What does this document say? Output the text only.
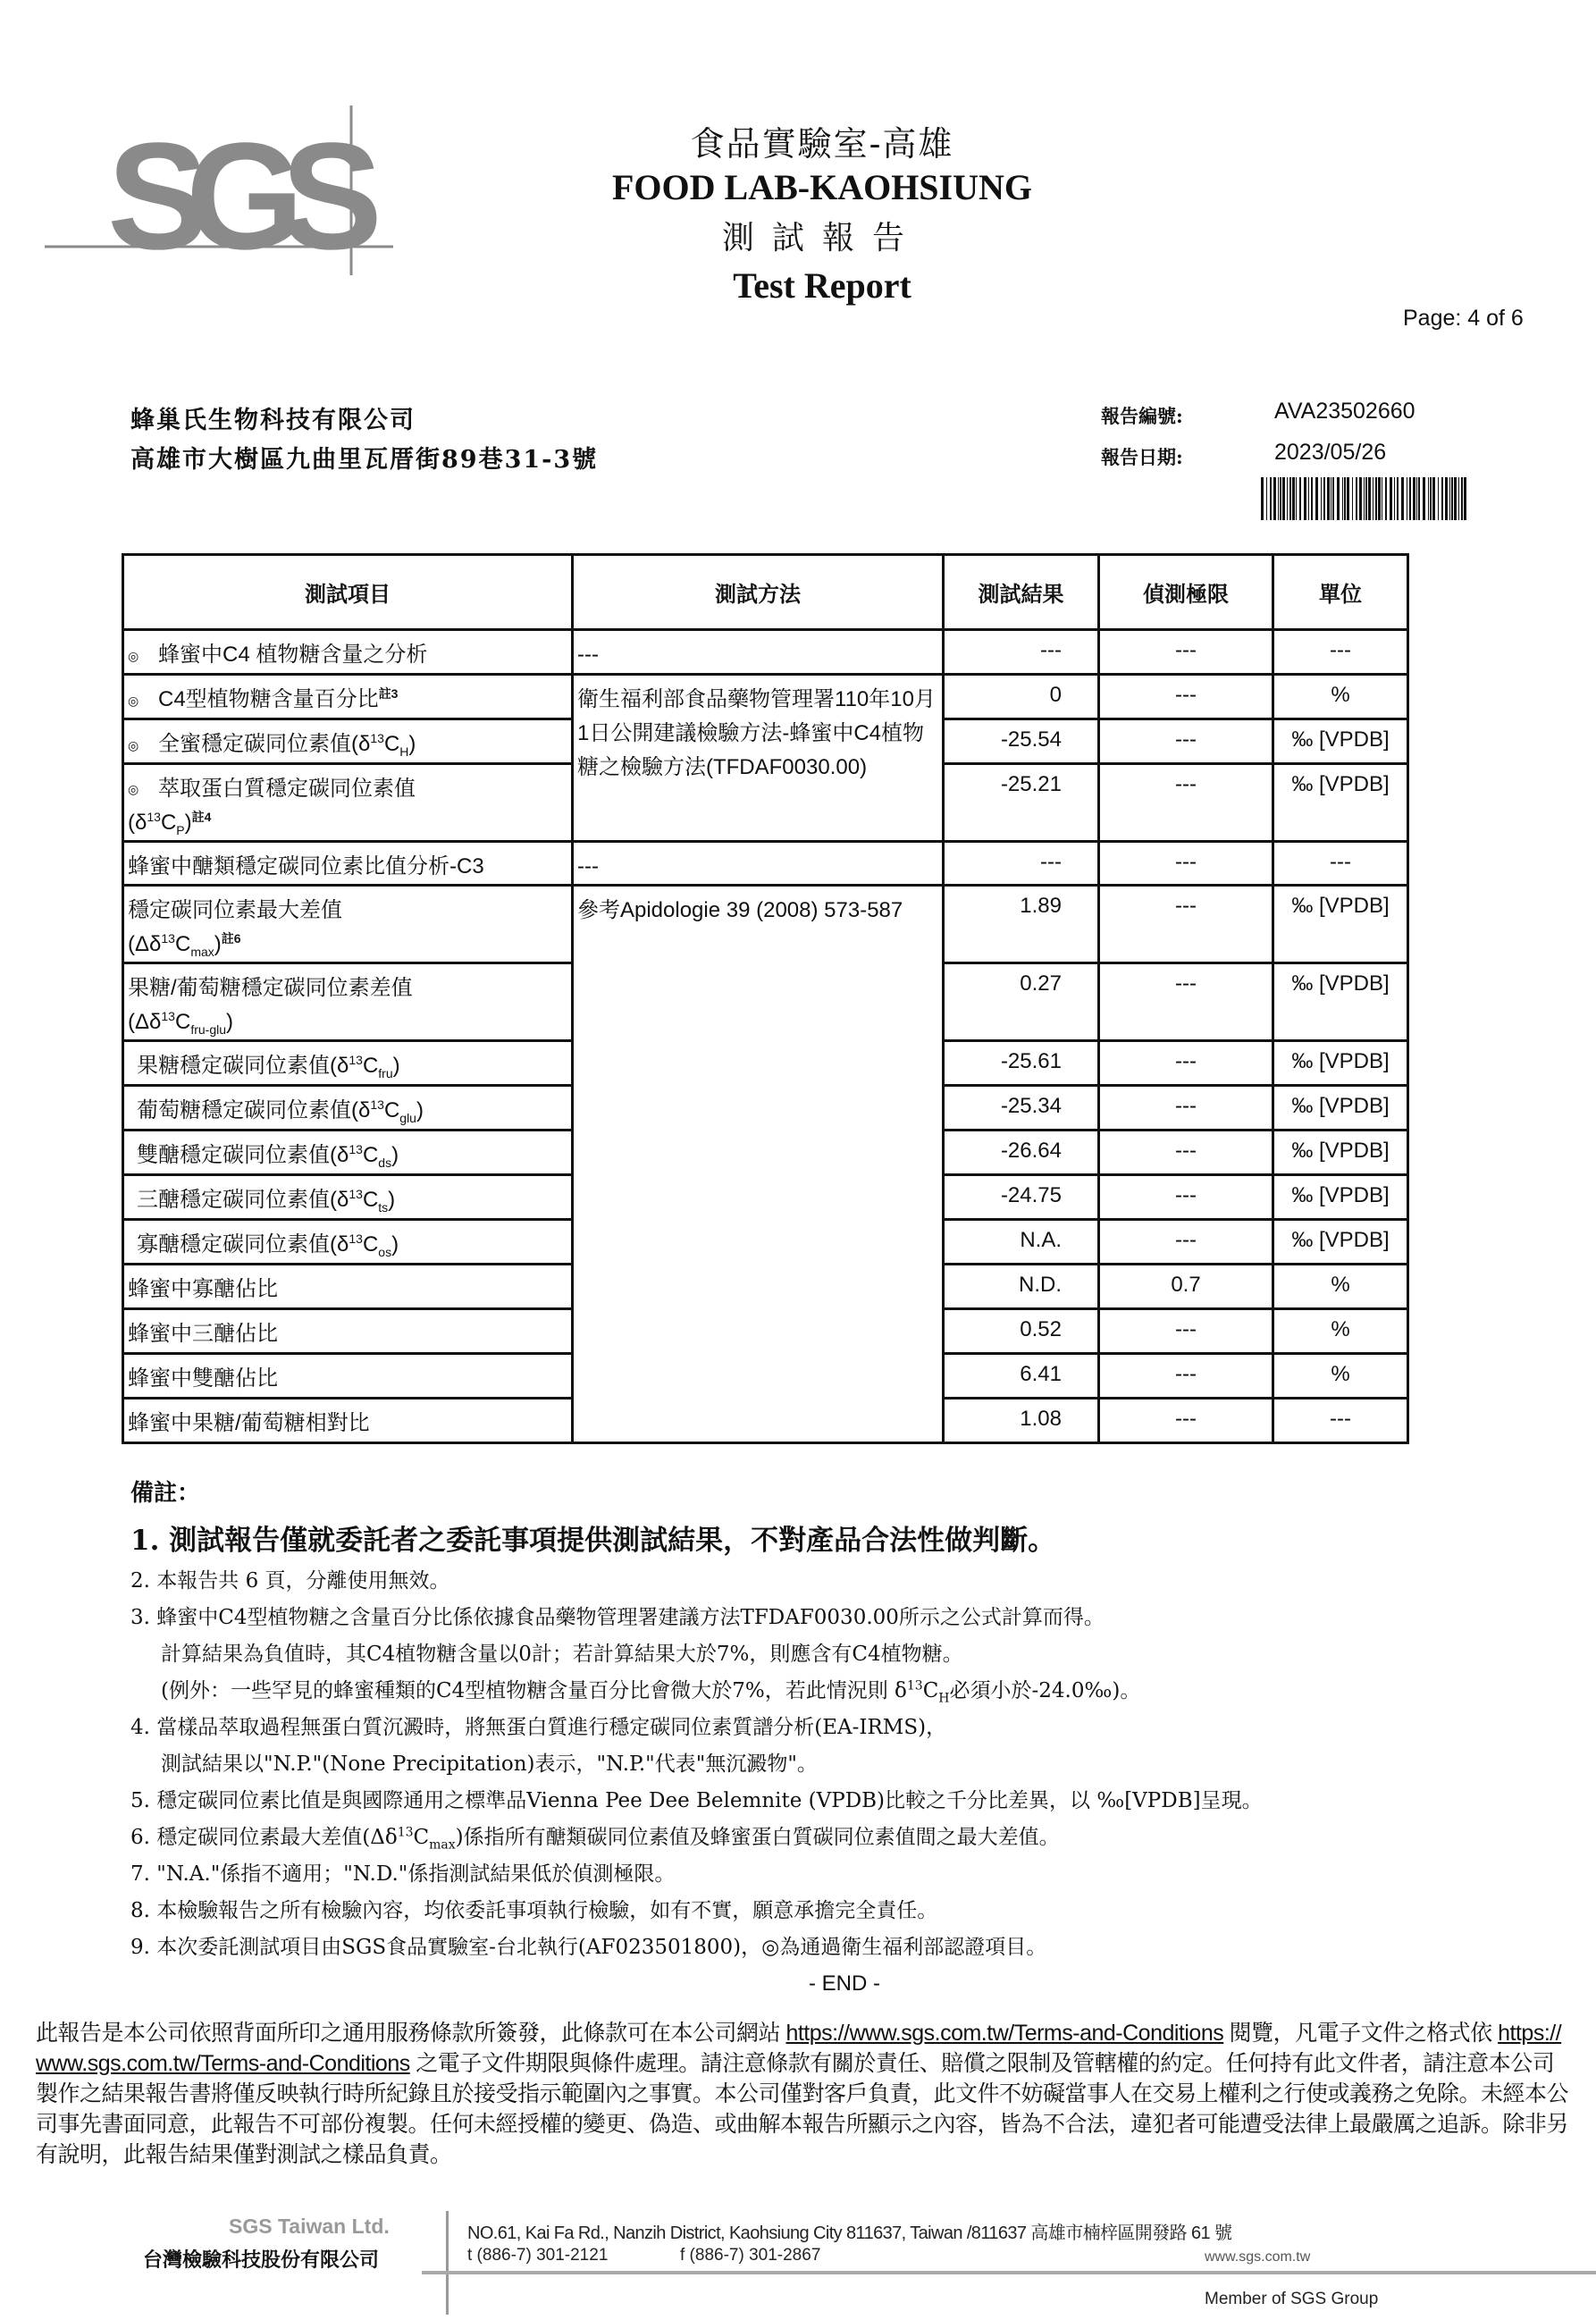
SGS	食品實驗室-高雄
FOOD LAB-KAOHSIUNG
測試報告
Test Report
Page: 4 of 6
蜂巢氏生物科技有限公司
高雄市大樹區九曲里瓦厝街89巷31-3號
報告編號:	AVA23502660
報告日期:	2023/05/26
測試項目	測試方法	測試結果	偵測極限	單位
◎ 蜂蜜中C4 植物糖含量之分析	---	---	---	---
◎ C4型植物糖含量百分比$^{註3}$	衛生福利部食品藥物管理署110年10月1日公開建議檢驗方法-蜂蜜中C4植物糖之檢驗方法(TFDAF0030.00)	0	---	%
◎ 全蜜穩定碳同位素值$(\delta^{13}C_H)$		-25.54	---	‰ [VPDB]
◎ 萃取蛋白質穩定碳同位素值
$(\delta^{13}C_P)^{註4}$		-25.21	---	‰ [VPDB]
蜂蜜中醣類穩定碳同位素比值分析-C3	---	---	---	---
穩定碳同位素最大差值
$(\Delta\delta^{13}C_{max})^{註6}$	參考Apidologie 39 (2008) 573-587	1.89	---	‰ [VPDB]
果糖/葡萄糖穩定碳同位素差值
$(\Delta\delta^{13}C_{fru-glu})$		0.27	---	‰ [VPDB]
果糖穩定碳同位素值$(\delta^{13}C_{fru})$		-25.61	---	‰ [VPDB]
葡萄糖穩定碳同位素值$(\delta^{13}C_{glu})$		-25.34	---	‰ [VPDB]
雙醣穩定碳同位素值$(\delta^{13}C_{ds})$		-26.64	---	‰ [VPDB]
三醣穩定碳同位素值$(\delta^{13}C_{ts})$		-24.75	---	‰ [VPDB]
寡醣穩定碳同位素值$(\delta^{13}C_{os})$		N.A.	---	‰ [VPDB]
蜂蜜中寡醣佔比		N.D.	0.7	%
蜂蜜中三醣佔比		0.52	---	%
蜂蜜中雙醣佔比		6.41	---	%
蜂蜜中果糖/葡萄糖相對比		1.08	---	---
備註：
1. 測試報告僅就委託者之委託事項提供測試結果，不對產品合法性做判斷。
2. 本報告共 6 頁，分離使用無效。
3. 蜂蜜中C4型植物糖之含量百分比係依據食品藥物管理署建議方法TFDAF0030.00所示之公式計算而得。
計算結果為負值時，其C4植物糖含量以0計；若計算結果大於7%，則應含有C4植物糖。
(例外：一些罕見的蜂蜜種類的C4型植物糖含量百分比會微大於7%，若此情況則 $\delta^{13}C_H$必須小於-24.0‰)。
4. 當樣品萃取過程無蛋白質沉澱時，將無蛋白質進行穩定碳同位素質譜分析(EA-IRMS)，
測試結果以"N.P."(None Precipitation)表示，"N.P."代表"無沉澱物"。
5. 穩定碳同位素比值是與國際通用之標準品Vienna Pee Dee Belemnite (VPDB)比較之千分比差異，以 ‰[VPDB]呈現。
6. 穩定碳同位素最大差值$(\Delta\delta^{13}C_{max})$係指所有醣類碳同位素值及蜂蜜蛋白質碳同位素值間之最大差值。
7. "N.A."係指不適用；"N.D."係指測試結果低於偵測極限。
8. 本檢驗報告之所有檢驗內容，均依委託事項執行檢驗，如有不實，願意承擔完全責任。
9. 本次委託測試項目由SGS食品實驗室-台北執行(AF023501800)，◎為通過衛生福利部認證項目。
- END -
此報告是本公司依照背面所印之通用服務條款所簽發，此條款可在本公司網站 https://www.sgs.com.tw/Terms-and-Conditions 閱覽，凡電子文件之格式依 https://www.sgs.com.tw/Terms-and-Conditions 之電子文件期限與條件處理。請注意條款有關於責任、賠償之限制及管轄權的約定。任何持有此文件者，請注意本公司製作之結果報告書將僅反映執行時所紀錄且於接受指示範圍內之事實。本公司僅對客戶負責，此文件不妨礙當事人在交易上權利之行使或義務之免除。未經本公司事先書面同意，此報告不可部份複製。任何未經授權的變更、偽造、或曲解本報告所顯示之內容，皆為不合法，違犯者可能遭受法律上最嚴厲之追訴。除非另有說明，此報告結果僅對測試之樣品負責。
SGS Taiwan Ltd.
台灣檢驗科技股份有限公司
NO.61, Kai Fa Rd., Nanzih District, Kaohsiung City 811637, Taiwan /811637 高雄市楠梓區開發路 61 號
t (886-7) 301-2121	f (886-7) 301-2867	www.sgs.com.tw
Member of SGS Group
